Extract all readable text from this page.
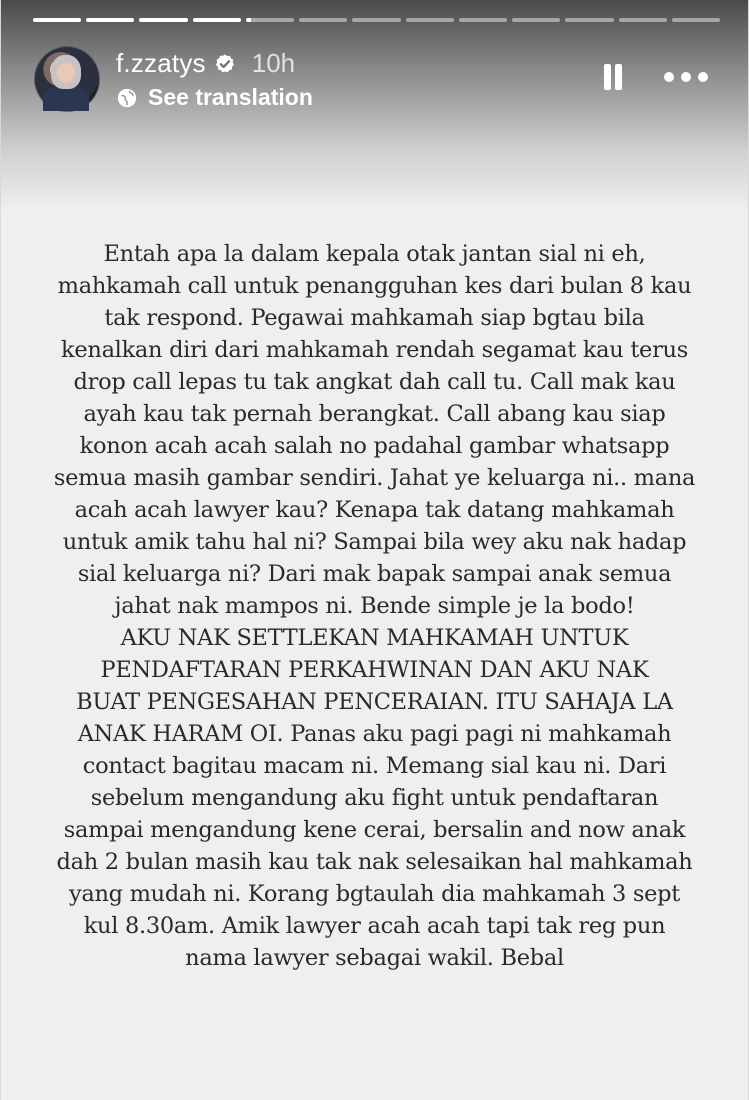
f.zzatys 10h
See translation

Entah apa la dalam kepala otak jantan sial ni eh,

mahkamah call untuk penangguhan kes dari bulan 8 kau

tak respond. Pegawai mahkamah siap bgtau bila

kenalkan diri dari mahkamah rendah segamat kau terus

drop call lepas tu tak angkat dah call tu. Call mak kau

ayah kau tak pernah berangkat. Call abang kau siap

konon acah acah salah no padahal gambar whatsapp

semua masih gambar sendiri. Jahat ye keluarga ni.. mana

acah acah lawyer kau? Kenapa tak datang mahkamah

untuk amik tahu hal ni? Sampai bila wey aku nak hadap

sial keluarga ni? Dari mak bapak sampai anak semua

jahat nak mampos ni. Bende simple je la bodo!

AKU NAK SETTLEKAN MAHKAMAH UNTUK

PENDAFTARAN PERKAHWINAN DAN AKU NAK

BUAT PENGESAHAN PENCERAIAN. ITU SAHAJA LA

ANAK HARAM OI. Panas aku pagi pagi ni mahkamah

contact bagitau macam ni. Memang sial kau ni. Dari

sebelum mengandung aku fight untuk pendaftaran

sampai mengandung kene cerai, bersalin and now anak

dah 2 bulan masih kau tak nak selesaikan hal mahkamah

yang mudah ni. Korang bgtaulah dia mahkamah 3 sept

kul 8.30am. Amik lawyer acah acah tapi tak reg pun

nama lawyer sebagai wakil. Bebal
